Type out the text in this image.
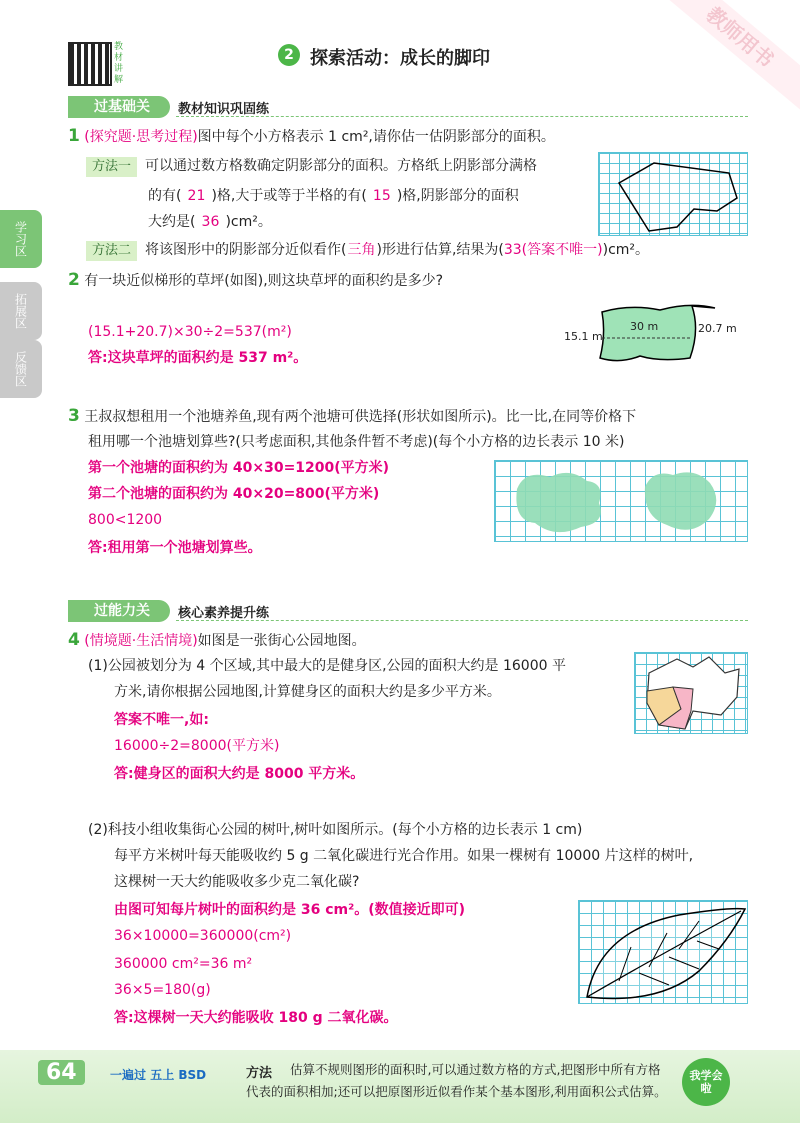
教师用书
教材讲解
2 探索活动：成长的脚印
学习区
拓展区
反馈区
过基础关	教材知识巩固练
1 (探究题·思考过程)图中每个小方格表示 1 cm²,请你估一估阴影部分的面积。
方法一 可以通过数方格数确定阴影部分的面积。方格纸上阴影部分满格
的有( 21 )格,大于或等于半格的有( 15 )格,阴影部分的面积
大约是( 36 )cm²。
方法二 将该图形中的阴影部分近似看作(三角)形进行估算,结果为(33(答案不唯一))cm²。
2 有一块近似梯形的草坪(如图),则这块草坪的面积约是多少?
(15.1+20.7)×30÷2=537(m²)
答:这块草坪的面积约是 537 m²。
15.1 m
30 m	20.7 m
3 王叔叔想租用一个池塘养鱼,现有两个池塘可供选择(形状如图所示)。比一比,在同等价格下
租用哪一个池塘划算些?(只考虑面积,其他条件暂不考虑)(每个小方格的边长表示 10 米)
第一个池塘的面积约为 40×30=1200(平方米)
第二个池塘的面积约为 40×20=800(平方米)
800<1200
答:租用第一个池塘划算些。
过能力关	核心素养提升练
4 (情境题·生活情境)如图是一张街心公园地图。
(1)公园被划分为 4 个区域,其中最大的是健身区,公园的面积大约是 16000 平
方米,请你根据公园地图,计算健身区的面积大约是多少平方米。
答案不唯一,如:
16000÷2=8000(平方米)
答:健身区的面积大约是 8000 平方米。
(2)科技小组收集街心公园的树叶,树叶如图所示。(每个小方格的边长表示 1 cm)
每平方米树叶每天能吸收约 5 g 二氧化碳进行光合作用。如果一棵树有 10000 片这样的树叶,
这棵树一天大约能吸收多少克二氧化碳?
由图可知每片树叶的面积约是 36 cm²。(数值接近即可)
36×10000=360000(cm²)
360000 cm²=36 m²
36×5=180(g)
答:这棵树一天大约能吸收 180 g 二氧化碳。
64	一遍过 五上 BSD	方法 估算不规则图形的面积时,可以通过数方格的方式,把图形中所有方格
代表的面积相加;还可以把原图形近似看作某个基本图形,利用面积公式估算。
我学会啦
